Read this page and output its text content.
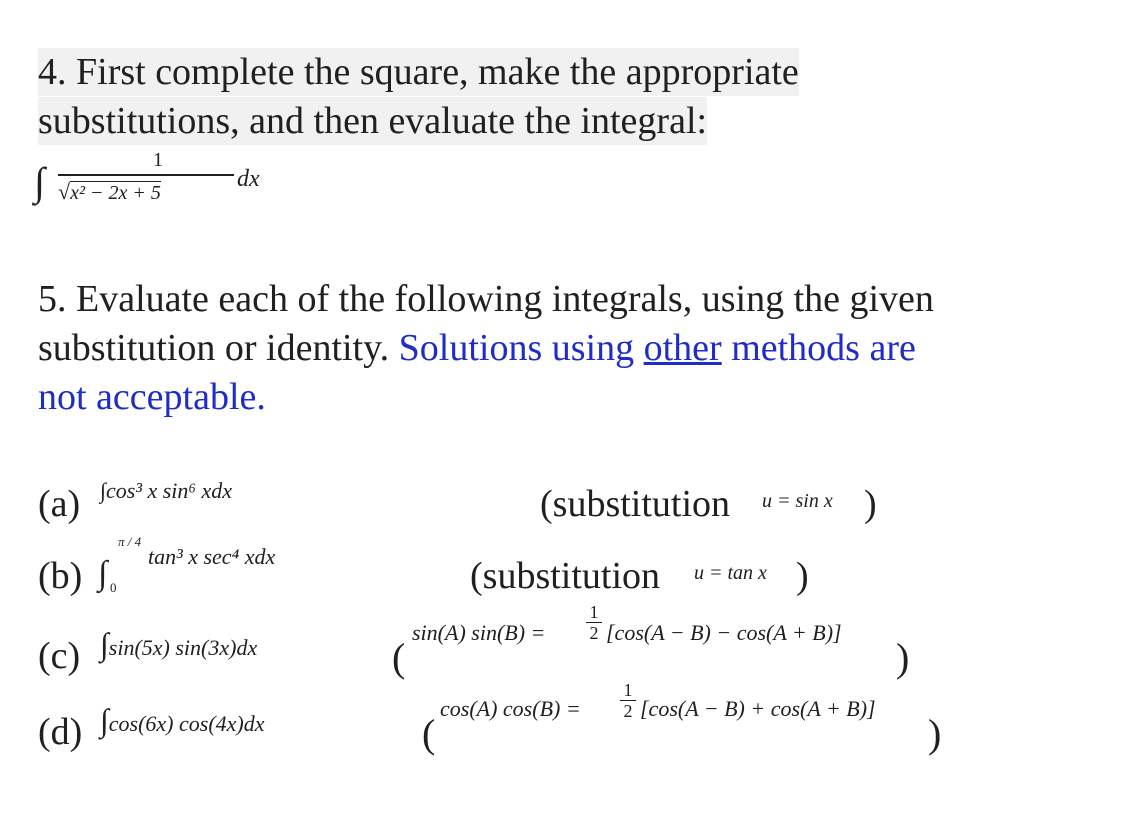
4. First complete the square, make the appropriate
substitutions, and then evaluate the integral:
∫	1
√x² − 2x + 5
dx
5. Evaluate each of the following integrals, using the given
substitution or identity. Solutions using other methods are
not acceptable.
(a) ∫cos³ x sin⁶ xdx	(substitution u = sin x )
(b) ∫
π / 4
0
tan³ x sec⁴ xdx	(substitution u = tan x )
(c) ∫sin(5x) sin(3x)dx	(
sin(A) $\sin(B) = \frac{1}{2} [\cos(A - B) - \cos(A + B)]$
)
(d) ∫cos(6x) cos(4x)dx	(
cos(A) $\cos(B) = \frac{1}{2} [\cos(A - B) + \cos(A + B)]$
)
